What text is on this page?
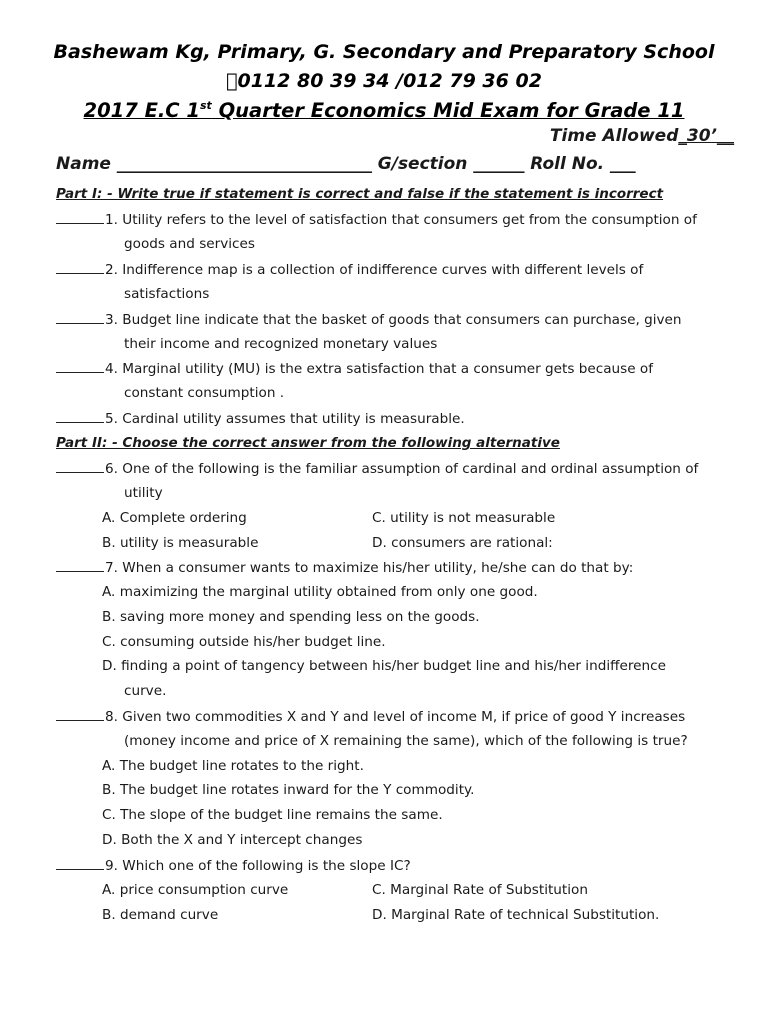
Bashewam Kg, Primary, G. Secondary and Preparatory School
0112 80 39 34 /012 79 36 02
2017 E.C 1st Quarter Economics Mid Exam for Grade 11
Time Allowed_30’__
Name ______________________________ G/section ______ Roll No. ___
Part I: - Write true if statement is correct and false if the statement is incorrect
1. Utility refers to the level of satisfaction that consumers get from the consumption of
goods and services
2. Indifference map is a collection of indifference curves with different levels of
satisfactions
3. Budget line indicate that the basket of goods that consumers can purchase, given
their income and recognized monetary values
4. Marginal utility (MU) is the extra satisfaction that a consumer gets because of
constant consumption .
5. Cardinal utility assumes that utility is measurable.
Part II: - Choose the correct answer from the following alternative
6. One of the following is the familiar assumption of cardinal and ordinal assumption of
utility
A. Complete ordering	C. utility is not measurable
B. utility is measurable	D. consumers are rational:
7. When a consumer wants to maximize his/her utility, he/she can do that by:
A. maximizing the marginal utility obtained from only one good.
B. saving more money and spending less on the goods.
C. consuming outside his/her budget line.
D. finding a point of tangency between his/her budget line and his/her indifference
curve.
8. Given two commodities X and Y and level of income M, if price of good Y increases
(money income and price of X remaining the same), which of the following is true?
A. The budget line rotates to the right.
B. The budget line rotates inward for the Y commodity.
C. The slope of the budget line remains the same.
D. Both the X and Y intercept changes
9. Which one of the following is the slope IC?
A. price consumption curve	C. Marginal Rate of Substitution
B. demand curve	D. Marginal Rate of technical Substitution.
